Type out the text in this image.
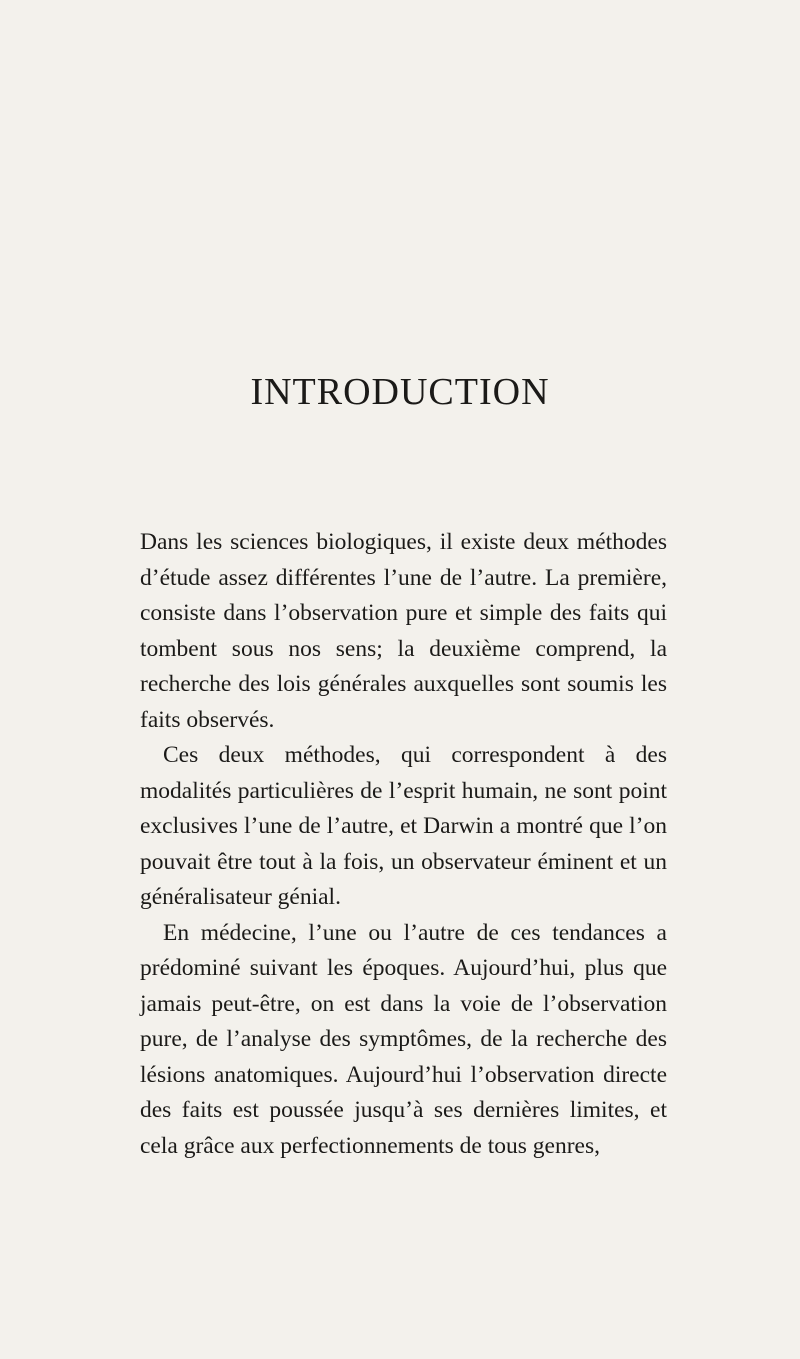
INTRODUCTION

Dans les sciences biologiques, il existe deux méthodes d’étude assez différentes l’une de l’autre. La première, consiste dans l’observation pure et simple des faits qui tombent sous nos sens; la deuxième comprend, la recherche des lois générales auxquelles sont soumis les faits observés.

Ces deux méthodes, qui correspondent à des modalités particulières de l’esprit humain, ne sont point exclusives l’une de l’autre, et Darwin a montré que l’on pouvait être tout à la fois, un observateur éminent et un généralisateur génial.

En médecine, l’une ou l’autre de ces tendances a prédominé suivant les époques. Aujourd’hui, plus que jamais peut-être, on est dans la voie de l’observation pure, de l’analyse des symptômes, de la recherche des lésions anatomiques. Aujourd’hui l’observation directe des faits est poussée jusqu’à ses dernières limites, et cela grâce aux perfectionnements de tous genres,
